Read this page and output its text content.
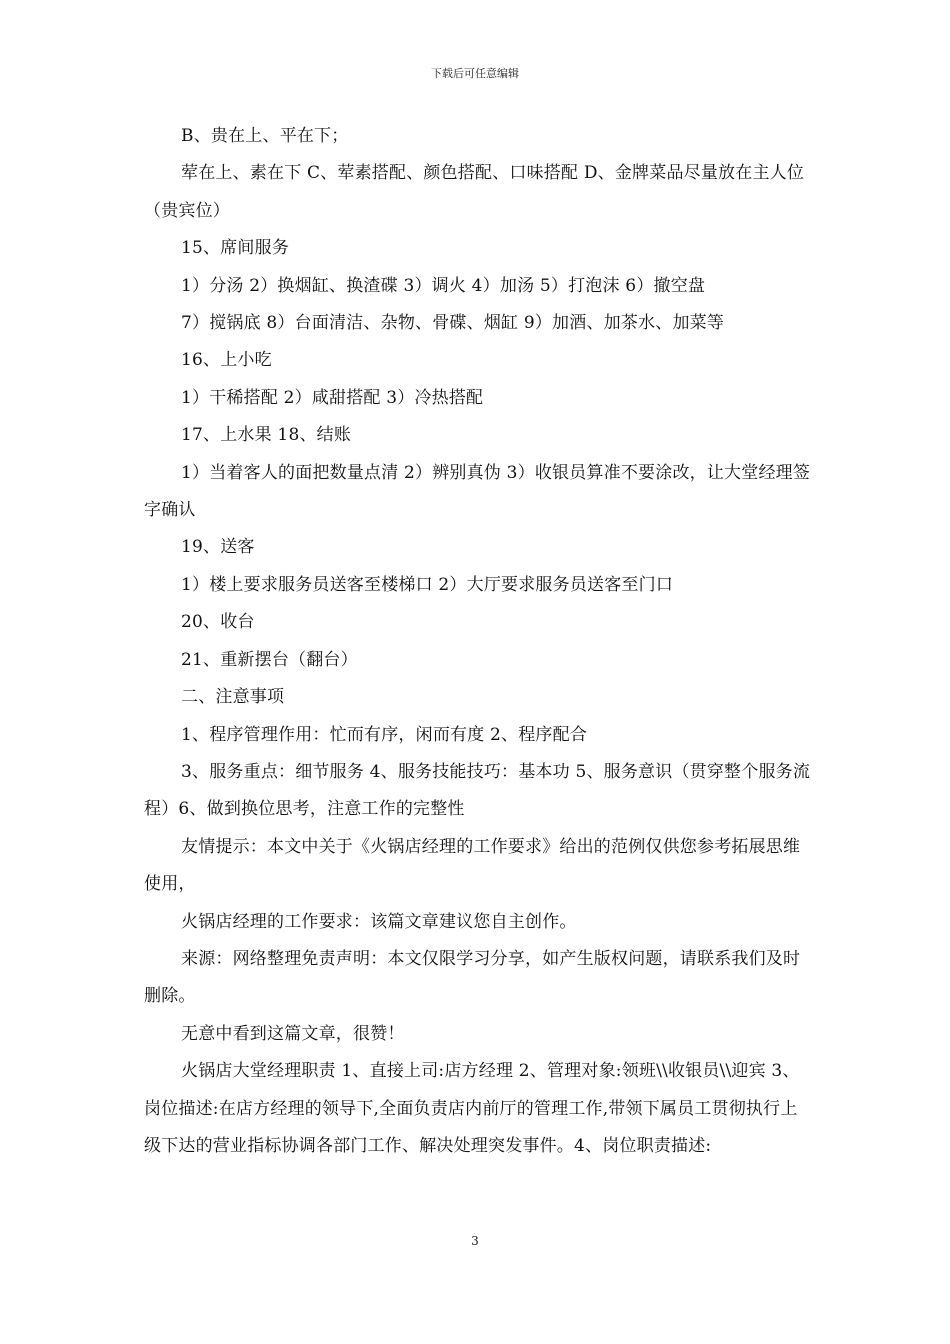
下载后可任意编辑

B、贵在上、平在下；

荤在上、素在下 C、荤素搭配、颜色搭配、口味搭配 D、金牌菜品尽量放在主人位（贵宾位）

15、席间服务

1）分汤 2）换烟缸、换渣碟 3）调火 4）加汤 5）打泡沫 6）撤空盘

7）搅锅底 8）台面清洁、杂物、骨碟、烟缸 9）加酒、加茶水、加菜等

16、上小吃

1）干稀搭配 2）咸甜搭配 3）冷热搭配

17、上水果 18、结账

1）当着客人的面把数量点清 2）辨别真伪 3）收银员算准不要涂改，让大堂经理签字确认

19、送客

1）楼上要求服务员送客至楼梯口 2）大厅要求服务员送客至门口

20、收台

21、重新摆台（翻台）

二、注意事项

1、程序管理作用：忙而有序，闲而有度 2、程序配合

3、服务重点：细节服务 4、服务技能技巧：基本功 5、服务意识（贯穿整个服务流程）6、做到换位思考，注意工作的完整性

友情提示：本文中关于《火锅店经理的工作要求》给出的范例仅供您参考拓展思维使用，

火锅店经理的工作要求：该篇文章建议您自主创作。

来源：网络整理免责声明：本文仅限学习分享，如产生版权问题，请联系我们及时删除。

无意中看到这篇文章，很赞！

火锅店大堂经理职责 1、直接上司:店方经理 2、管理对象:领班\\收银员\\迎宾 3、岗位描述:在店方经理的领导下,全面负责店内前厅的管理工作,带领下属员工贯彻执行上级下达的营业指标协调各部门工作、解决处理突发事件。4、岗位职责描述:

3
